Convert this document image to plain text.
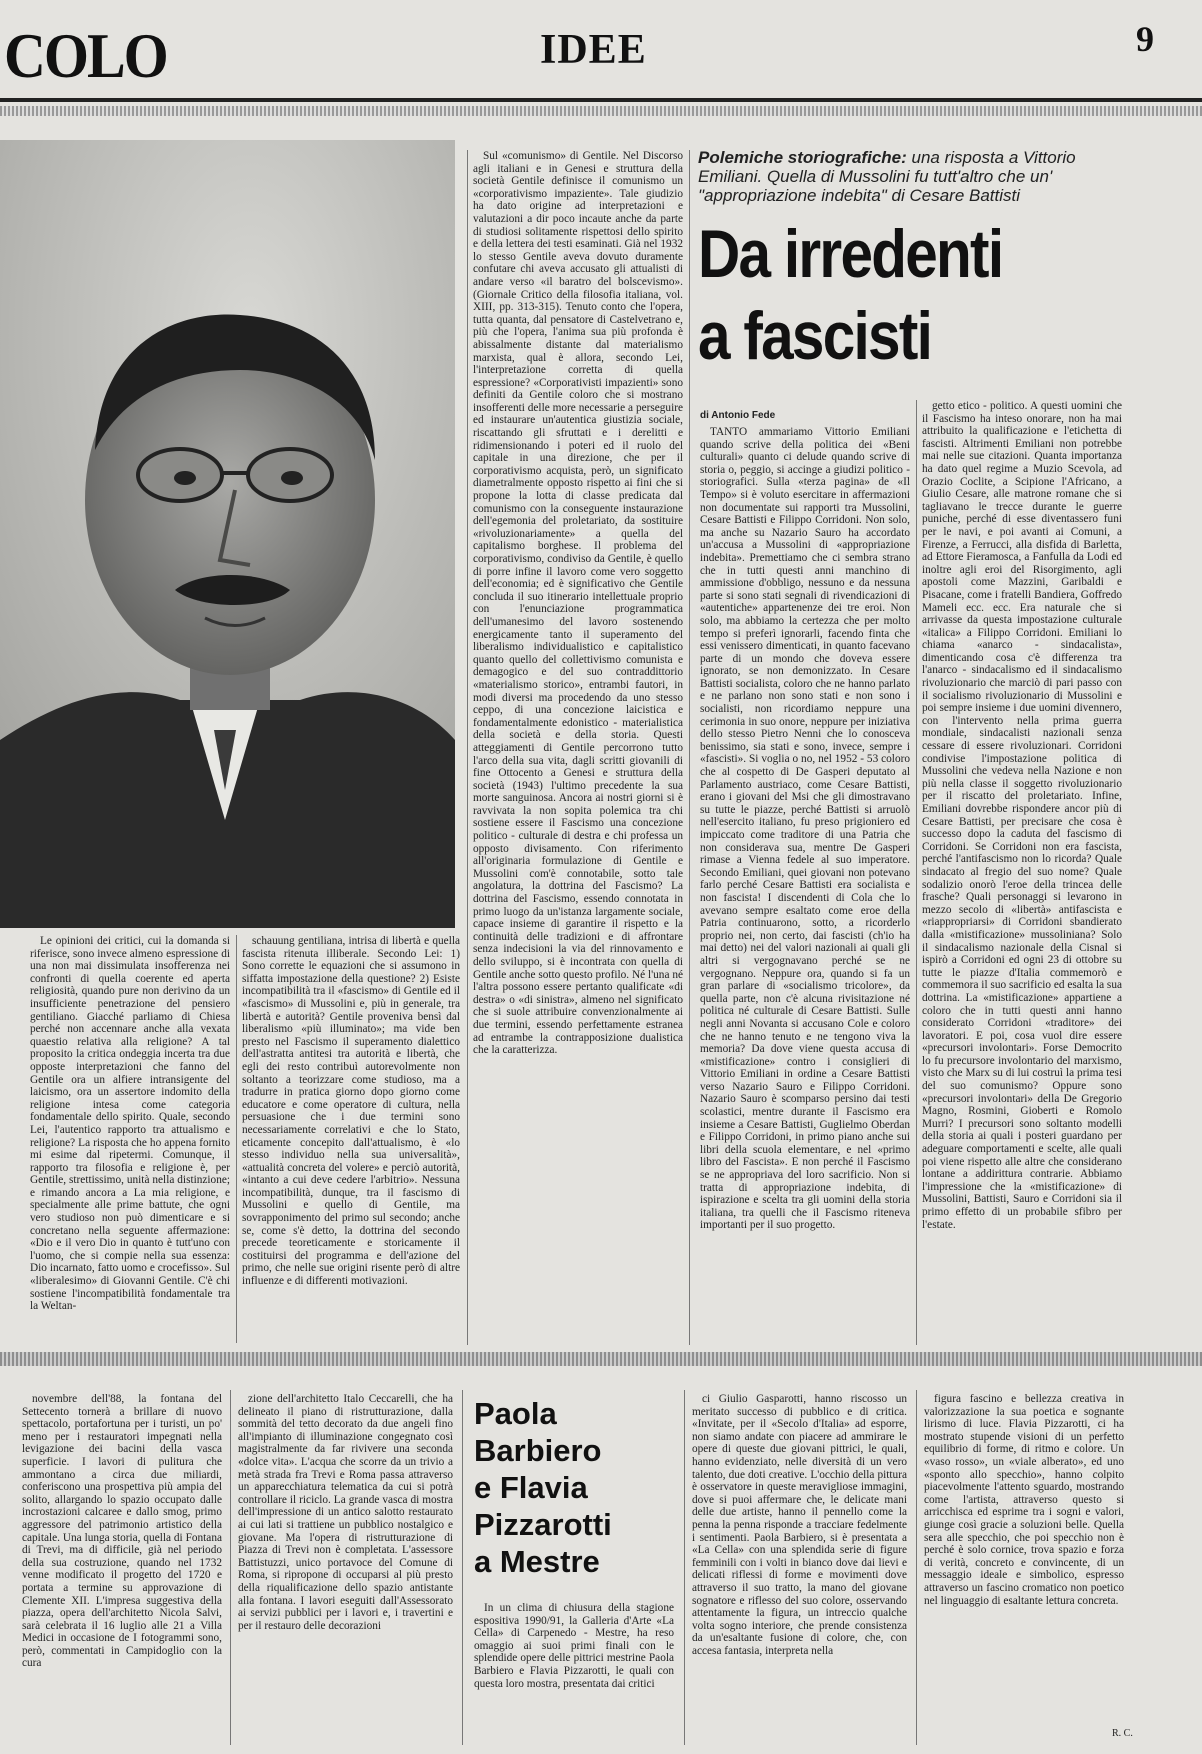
COLO	IDEE	9

Sul «comunismo» di Gentile. Nel Discorso agli italiani e in Genesi e struttura della società Gentile definisce il comunismo un «corporativismo impaziente». Tale giudizio ha dato origine ad interpretazioni e valutazioni a dir poco incaute anche da parte di studiosi solitamente rispettosi dello spirito e della lettera dei testi esaminati. Già nel 1932 lo stesso Gentile aveva dovuto duramente confutare chi aveva accusato gli attualisti di andare verso «il baratro del bolscevismo». (Giornale Critico della filosofia italiana, vol. XIII, pp. 313-315). Tenuto conto che l'opera, tutta quanta, dal pensatore di Castelvetrano e, più che l'opera, l'anima sua più profonda è abissalmente distante dal materialismo marxista, qual è allora, secondo Lei, l'interpretazione corretta di quella espressione? «Corporativisti impazienti» sono definiti da Gentile coloro che si mostrano insofferenti delle more necessarie a perseguire ed instaurare un'autentica giustizia sociale, riscattando gli sfruttati e i derelitti e ridimensionando i poteri ed il ruolo del capitale in una direzione, che per il corporativismo acquista, però, un significato diametralmente opposto rispetto ai fini che si propone la lotta di classe predicata dal comunismo con la conseguente instaurazione dell'egemonia del proletariato, da sostituire «rivoluzionariamente» a quella del capitalismo borghese. Il problema del corporativismo, condiviso da Gentile, è quello di porre infine il lavoro come vero soggetto dell'economia; ed è significativo che Gentile concluda il suo itinerario intellettuale proprio con l'enunciazione programmatica dell'umanesimo del lavoro sostenendo energicamente tanto il superamento del liberalismo individualistico e capitalistico quanto quello del collettivismo comunista e demagogico e del suo contraddittorio «materialismo storico», entrambi fautori, in modi diversi ma procedendo da uno stesso ceppo, di una concezione laicistica e fondamentalmente edonistico - materialistica della società e della storia. Questi atteggiamenti di Gentile percorrono tutto l'arco della sua vita, dagli scritti giovanili di fine Ottocento a Genesi e struttura della società (1943) l'ultimo precedente la sua morte sanguinosa. Ancora ai nostri giorni si è ravvivata la non sopita polemica tra chi sostiene essere il Fascismo una concezione politico - culturale di destra e chi professa un opposto divisamento. Con riferimento all'originaria formulazione di Gentile e Mussolini com'è connotabile, sotto tale angolatura, la dottrina del Fascismo? La dottrina del Fascismo, essendo connotata in primo luogo da un'istanza largamente sociale, capace insieme di garantire il rispetto e la continuità delle tradizioni e di affrontare senza indecisioni la via del rinnovamento e dello sviluppo, si è incontrata con quella di Gentile anche sotto questo profilo. Né l'una né l'altra possono essere pertanto qualificate «di destra» o «di sinistra», almeno nel significato che si suole attribuire convenzionalmente ai due termini, essendo perfettamente estranea ad entrambe la contrapposizione dualistica che la caratterizza.

Polemiche storiografiche: una risposta a Vittorio Emiliani. Quella di Mussolini fu tutt'altro che un' "appropriazione indebita" di Cesare Battisti
Da irredenti
a fascisti
di Antonio Fede

TANTO ammariamo Vittorio Emiliani quando scrive della politica dei «Beni culturali» quanto ci delude quando scrive di storia o, peggio, si accinge a giudizi politico - storiografici. Sulla «terza pagina» de «Il Tempo» si è voluto esercitare in affermazioni non documentate sui rapporti tra Mussolini, Cesare Battisti e Filippo Corridoni. Non solo, ma anche su Nazario Sauro ha accordato un'accusa a Mussolini di «appropriazione indebita». Premettiamo che ci sembra strano che in tutti questi anni manchino di ammissione d'obbligo, nessuno e da nessuna parte si sono stati segnali di rivendicazioni di «autentiche» appartenenze dei tre eroi. Non solo, ma abbiamo la certezza che per molto tempo si preferì ignorarli, facendo finta che essi venissero dimenticati, in quanto facevano parte di un mondo che doveva essere ignorato, se non demonizzato. In Cesare Battisti socialista, coloro che ne hanno parlato e ne parlano non sono stati e non sono i socialisti, non ricordiamo neppure una cerimonia in suo onore, neppure per iniziativa dello stesso Pietro Nenni che lo conosceva benissimo, sia stati e sono, invece, sempre i «fascisti». Si voglia o no, nel 1952 - 53 coloro che al cospetto di De Gasperi deputato al Parlamento austriaco, come Cesare Battisti, erano i giovani del Msi che gli dimostravano su tutte le piazze, perché Battisti si arruolò nell'esercito italiano, fu preso prigioniero ed impiccato come traditore di una Patria che non considerava sua, mentre De Gasperi rimase a Vienna fedele al suo imperatore. Secondo Emiliani, quei giovani non potevano farlo perché Cesare Battisti era socialista e non fascista! I discendenti di Cola che lo avevano sempre esaltato come eroe della Patria continuarono, sotto, a ricorderlo proprio nei, non certo, dai fascisti (ch'io ha mai detto) nei del valori nazionali ai quali gli altri si vergognavano perché se ne vergognano. Neppure ora, quando si fa un gran parlare di «socialismo tricolore», da quella parte, non c'è alcuna rivisitazione né politica né culturale di Cesare Battisti. Sulle negli anni Novanta si accusano Cole e coloro che ne hanno tenuto e ne tengono viva la memoria? Da dove viene questa accusa di «mistificazione» contro i consiglieri di Vittorio Emiliani in ordine a Cesare Battisti verso Nazario Sauro e Filippo Corridoni. Nazario Sauro è scomparso persino dai testi scolastici, mentre durante il Fascismo era insieme a Cesare Battisti, Guglielmo Oberdan e Filippo Corridoni, in primo piano anche sui libri della scuola elementare, e nel «primo libro del Fascista». E non perché il Fascismo se ne appropriava del loro sacrificio. Non si tratta di appropriazione indebita, di ispirazione e scelta tra gli uomini della storia italiana, tra quelli che il Fascismo riteneva importanti per il suo progetto.

getto etico - politico. A questi uomini che il Fascismo ha inteso onorare, non ha mai attribuito la qualificazione e l'etichetta di fascisti. Altrimenti Emiliani non potrebbe mai nelle sue citazioni. Quanta importanza ha dato quel regime a Muzio Scevola, ad Orazio Coclite, a Scipione l'Africano, a Giulio Cesare, alle matrone romane che si tagliavano le trecce durante le guerre puniche, perché di esse diventassero funi per le navi, e poi avanti ai Comuni, a Firenze, a Ferrucci, alla disfida di Barletta, ad Ettore Fieramosca, a Fanfulla da Lodi ed inoltre agli eroi del Risorgimento, agli apostoli come Mazzini, Garibaldi e Pisacane, come i fratelli Bandiera, Goffredo Mameli ecc. ecc. Era naturale che si arrivasse da questa impostazione culturale «italica» a Filippo Corridoni. Emiliani lo chiama «anarco - sindacalista», dimenticando cosa c'è differenza tra l'anarco - sindacalismo ed il sindacalismo rivoluzionario che marciò di pari passo con il socialismo rivoluzionario di Mussolini e poi sempre insieme i due uomini divennero, con l'intervento nella prima guerra mondiale, sindacalisti nazionali senza cessare di essere rivoluzionari. Corridoni condivise l'impostazione politica di Mussolini che vedeva nella Nazione e non più nella classe il soggetto rivoluzionario per il riscatto del proletariato. Infine, Emiliani dovrebbe rispondere ancor più di Cesare Battisti, per precisare che cosa è successo dopo la caduta del fascismo di Corridoni. Se Corridoni non era fascista, perché l'antifascismo non lo ricorda? Quale sindacato al fregio del suo nome? Quale sodalizio onorò l'eroe della trincea delle frasche? Quali personaggi si levarono in mezzo secolo di «libertà» antifascista e «riappropriarsi» di Corridoni sbandierato dalla «mistificazione» mussoliniana? Solo il sindacalismo nazionale della Cisnal si ispirò a Corridoni ed ogni 23 di ottobre su tutte le piazze d'Italia commemorò e commemora il suo sacrificio ed esalta la sua dottrina. La «mistificazione» appartiene a coloro che in tutti questi anni hanno considerato Corridoni «traditore» dei lavoratori. E poi, cosa vuol dire essere «precursori involontari». Forse Democrito lo fu precursore involontario del marxismo, visto che Marx su di lui costruì la prima tesi del suo comunismo? Oppure sono «precursori involontari» della De Gregorio Magno, Rosmini, Gioberti e Romolo Murri? I precursori sono soltanto modelli della storia ai quali i posteri guardano per adeguare comportamenti e scelte, alle quali poi viene rispetto alle altre che considerano lontane a addirittura contrarie. Abbiamo l'impressione che la «mistificazione» di Mussolini, Battisti, Sauro e Corridoni sia il primo effetto di un probabile sfibro per l'estate.

Le opinioni dei critici, cui la domanda si riferisce, sono invece almeno espressione di una non mai dissimulata insofferenza nei confronti di quella coerente ed aperta religiosità, quando pure non derivino da un insufficiente penetrazione del pensiero gentiliano. Giacché parliamo di Chiesa perché non accennare anche alla vexata quaestio relativa alla religione? A tal proposito la critica ondeggia incerta tra due opposte interpretazioni che fanno del Gentile ora un alfiere intransigente del laicismo, ora un assertore indomito della religione intesa come categoria fondamentale dello spirito. Quale, secondo Lei, l'autentico rapporto tra attualismo e religione? La risposta che ho appena fornito mi esime dal ripetermi. Comunque, il rapporto tra filosofia e religione è, per Gentile, strettissimo, unità nella distinzione; e rimando ancora a La mia religione, e specialmente alle prime battute, che ogni vero studioso non può dimenticare e si concretano nella seguente affermazione: «Dio e il vero Dio in quanto è tutt'uno con l'uomo, che si compie nella sua essenza: Dio incarnato, fatto uomo e crocefisso». Sul «liberalesimo» di Giovanni Gentile. C'è chi sostiene l'incompatibilità fondamentale tra la Weltan-

schauung gentiliana, intrisa di libertà e quella fascista ritenuta illiberale. Secondo Lei: 1) Sono corrette le equazioni che si assumono in siffatta impostazione della questione? 2) Esiste incompatibilità tra il «fascismo» di Gentile ed il «fascismo» di Mussolini e, più in generale, tra libertà e autorità? Gentile proveniva bensì dal liberalismo «più illuminato»; ma vide ben presto nel Fascismo il superamento dialettico dell'astratta antitesi tra autorità e libertà, che egli dei resto contribuì autorevolmente non soltanto a teorizzare come studioso, ma a tradurre in pratica giorno dopo giorno come educatore e come operatore di cultura, nella persuasione che i due termini sono necessariamente correlativi e che lo Stato, eticamente concepito dall'attualismo, è «lo stesso individuo nella sua universalità», «attualità concreta del volere» e perciò autorità, «intanto a cui deve cedere l'arbitrio». Nessuna incompatibilità, dunque, tra il fascismo di Mussolini e quello di Gentile, ma sovrapponimento del primo sul secondo; anche se, come s'è detto, la dottrina del secondo precede teoreticamente e storicamente il costituirsi del programma e dell'azione del primo, che nelle sue origini risente però di altre influenze e di differenti motivazioni.

novembre dell'88, la fontana del Settecento tornerà a brillare di nuovo spettacolo, portafortuna per i turisti, un po' meno per i restauratori impegnati nella levigazione dei bacini della vasca superficie. I lavori di pulitura che ammontano a circa due miliardi, conferiscono una prospettiva più ampia del solito, allargando lo spazio occupato dalle incrostazioni calcaree e dallo smog, primo aggressore del patrimonio artistico della capitale. Una lunga storia, quella di Fontana di Trevi, ma di difficile, già nel periodo della sua costruzione, quando nel 1732 venne modificato il progetto del 1720 e portata a termine su approvazione di Clemente XII. L'impresa suggestiva della piazza, opera dell'architetto Nicola Salvi, sarà celebrata il 16 luglio alle 21 a Villa Medici in occasione de I fotogrammi sono, però, commentati in Campidoglio con la cura

zione dell'architetto Italo Ceccarelli, che ha delineato il piano di ristrutturazione, dalla sommità del tetto decorato da due angeli fino all'impianto di illuminazione congegnato così magistralmente da far rivivere una seconda «dolce vita». L'acqua che scorre da un trivio a metà strada fra Trevi e Roma passa attraverso un apparecchiatura telematica da cui si potrà controllare il riciclo. La grande vasca di mostra dell'impressione di un antico salotto restaurato ai cui lati si trattiene un pubblico nostalgico e giovane. Ma l'opera di ristrutturazione di Piazza di Trevi non è completata. L'assessore Battistuzzi, unico portavoce del Comune di Roma, si ripropone di occuparsi al più presto della riqualificazione dello spazio antistante alla fontana. I lavori eseguiti dall'Assessorato ai servizi pubblici per i lavori e, i travertini e per il restauro delle decorazioni

Paola
Barbiero
e Flavia
Pizzarotti
a Mestre

In un clima di chiusura della stagione espositiva 1990/91, la Galleria d'Arte «La Cella» di Carpenedo - Mestre, ha reso omaggio ai suoi primi finali con le splendide opere delle pittrici mestrine Paola Barbiero e Flavia Pizzarotti, le quali con questa loro mostra, presentata dai critici

ci Giulio Gasparotti, hanno riscosso un meritato successo di pubblico e di critica. «Invitate, per il «Secolo d'Italia» ad esporre, non siamo andate con piacere ad ammirare le opere di queste due giovani pittrici, le quali, hanno evidenziato, nelle diversità di un vero talento, due doti creative. L'occhio della pittura è osservatore in queste meravigliose immagini, dove si puoi affermare che, le delicate mani delle due artiste, hanno il pennello come la penna la penna risponde a tracciare fedelmente i sentimenti. Paola Barbiero, si è presentata a «La Cella» con una splendida serie di figure femminili con i volti in bianco dove dai lievi e delicati riflessi di forme e movimenti dove attraverso il suo tratto, la mano del giovane sognatore e riflesso del suo colore, osservando attentamente la figura, un intreccio qualche volta sogno interiore, che prende consistenza da un'esaltante fusione di colore, che, con accesa fantasia, interpreta nella

figura fascino e bellezza creativa in valorizzazione la sua poetica e sognante lirismo di luce. Flavia Pizzarotti, ci ha mostrato stupende visioni di un perfetto equilibrio di forme, di ritmo e colore. Un «vaso rosso», un «viale alberato», ed uno «sponto allo specchio», hanno colpito piacevolmente l'attento sguardo, mostrando come l'artista, attraverso questo si arricchisca ed esprime tra i sogni e valori, giunge così gracie a soluzioni belle. Quella sera alle specchio, che poi specchio non è perché è solo cornice, trova spazio e forza di verità, concreto e convincente, di un messaggio ideale e simbolico, espresso attraverso un fascino cromatico non poetico nel linguaggio di esaltante lettura concreta.

R. C.
